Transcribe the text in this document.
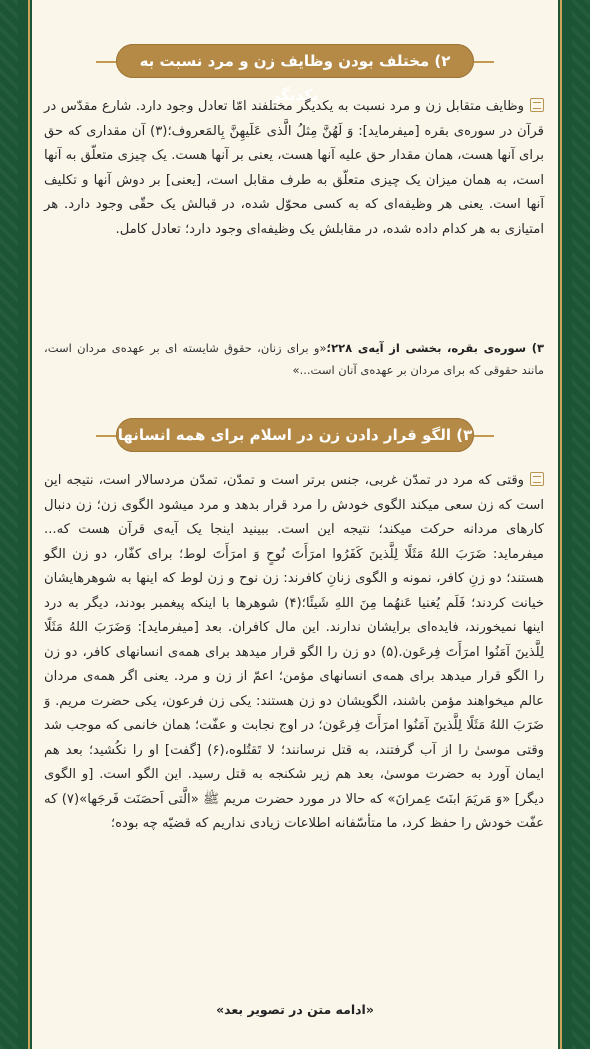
۲) مختلف بودن وظایف زن و مرد نسبت به یکدیگر
وظایف متقابل زن و مرد نسبت به یکدیگر مختلفند امّا تعادل وجود دارد. شارع مقدّس در قرآن در سوره‌ی بقره [میفرماید]: وَ لَهُنَّ مِثلُ الَّذی عَلَیهِنَّ بِالمَعروف؛(۳) آن مقداری که حق برای آنها هست، همان مقدار حق علیه آنها هست، یعنی بر آنها هست. یک چیزی متعلّق به آنها است، به همان میزان یک چیزی متعلّق به طرف مقابل است، [یعنی] بر دوش آنها و تکلیف آنها است. یعنی هر وظیفه‌ای که به کسی محوّل شده، در قبالش یک حقّی وجود دارد. هر امتیازی به هر کدام داده شده، در مقابلش یک وظیفه‌ای وجود دارد؛ تعادل کامل.
۳) سوره‌ی بقره، بخشی از آیه‌ی ۲۲۸؛«و برای زنان، حقوق شایسته ای بر عهده‌ی مردان است، مانند حقوقی که برای مردان بر عهده‌ی آنان است...»
۳) الگو قرار دادن زن در اسلام برای همه انسانها
وقتی که مرد در تمدّن غربی، جنس برتر است و تمدّن، تمدّن مردسالار است، نتیجه این است که زن سعی میکند الگوی خودش را مرد قرار بدهد و مرد میشود الگوی زن؛ زن دنبال کارهای مردانه حرکت میکند؛ نتیجه این است. ببینید اینجا یک آیه‌ی قرآن هست که... میفرماید: ضَرَبَ اللهُ مَثَلًا لِلَّذینَ کَفَرُوا امرَأَتَ نُوحٍ وَ امرَأَتَ لوط؛ برای کفّار، دو زن الگو هستند؛ دو زنِ کافر، نمونه و الگوی زنانِ کافرند: زن نوح و زن لوط که اینها به شوهرهایشان خیانت کردند؛ فَلَم یُغنیا عَنهُما مِنَ اللهِ شَیئًا؛(۴) شوهرها با اینکه پیغمبر بودند، دیگر به درد اینها نمیخورند، فایده‌ای برایشان ندارند. این مال کافران. بعد [میفرماید]: وَضَرَبَ اللهُ مَثَلًا لِلَّذینَ آمَنُوا امرَأَتَ فِرعَون.(۵) دو زن را الگو قرار میدهد برای همه‌ی انسانهای کافر، دو زن را الگو قرار میدهد برای همه‌ی انسانهای مؤمن؛ اعمّ از زن و مرد. یعنی اگر همه‌ی مردان عالم میخواهند مؤمن باشند، الگویشان دو زن هستند: یکی زن فرعون، یکی حضرت مریم. وَ ضَرَبَ اللهُ مَثَلًا لِلَّذینَ آمَنُوا امرَأَتَ فِرعَون؛ در اوج نجابت و عفّت؛ همان خانمی که موجب شد وقتی موسیٰ را از آب گرفتند، به قتل نرسانند؛ لا تَقتُلوه،(۶) [گفت] او را نکُشید؛ بعد هم ایمان آورد به حضرت موسیٰ، بعد هم زیر شکنجه به قتل رسید. این الگو است. [و الگوی دیگر] «وَ مَریَمَ ابنَتَ عِمرانَ» که حالا در مورد حضرت مریم ﷺ «الَّتی اَحصَنَت فَرجَها»(۷) که عفّت خودش را حفظ کرد، ما متأسّفانه اطلاعات زیادی نداریم که قضیّه چه بوده؛
«ادامه متن در تصویر بعد»
